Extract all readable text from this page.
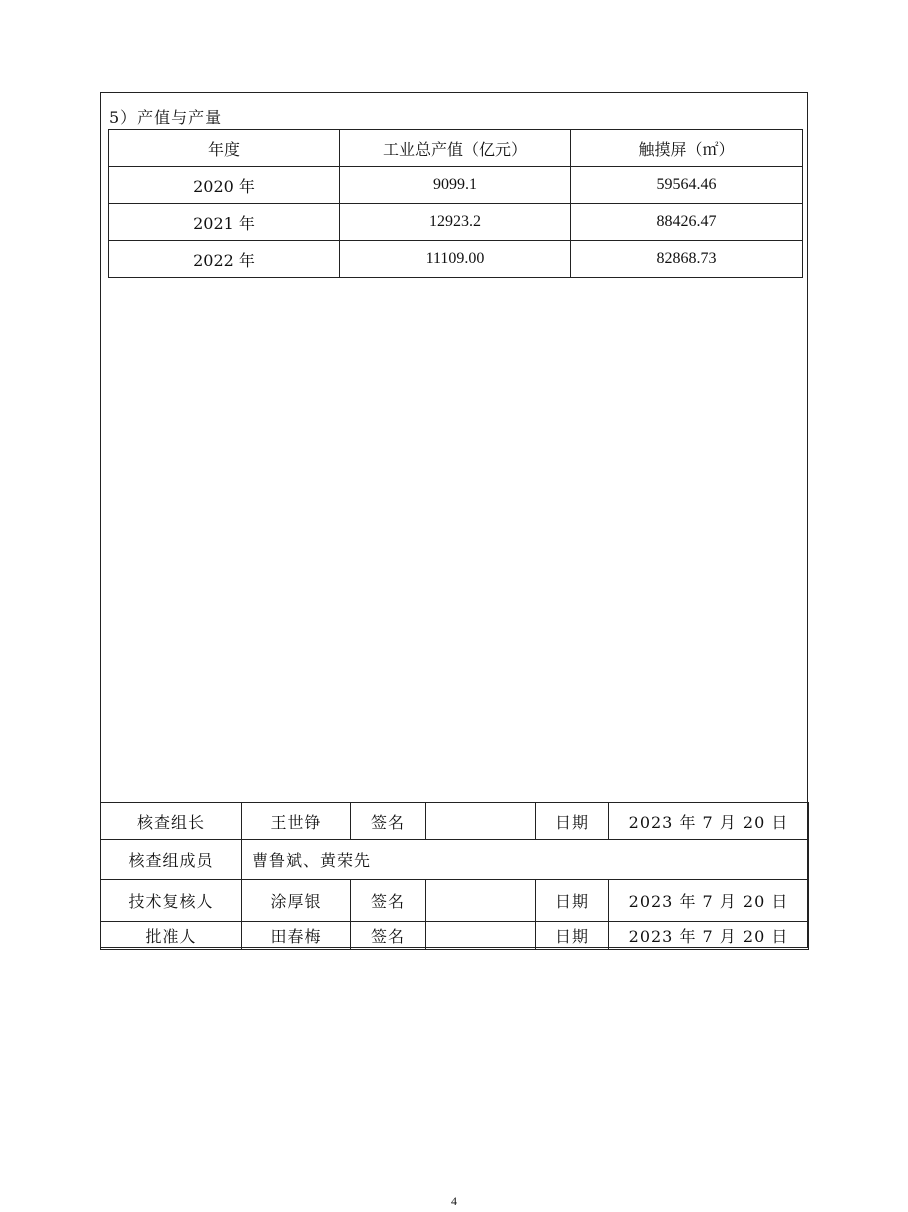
5）产值与产量
年度	工业总产值（亿元）	触摸屏（㎡）
2020 年	9099.1	59564.46
2021 年	12923.2	88426.47
2022 年	11109.00	82868.73
核查组长	王世铮	签名		日期	2023 年 7 月 20 日
核查组成员	曹鲁斌、黄荣先				
技术复核人	涂厚银	签名		日期	2023 年 7 月 20 日
批准人	田春梅	签名		日期	2023 年 7 月 20 日
4
